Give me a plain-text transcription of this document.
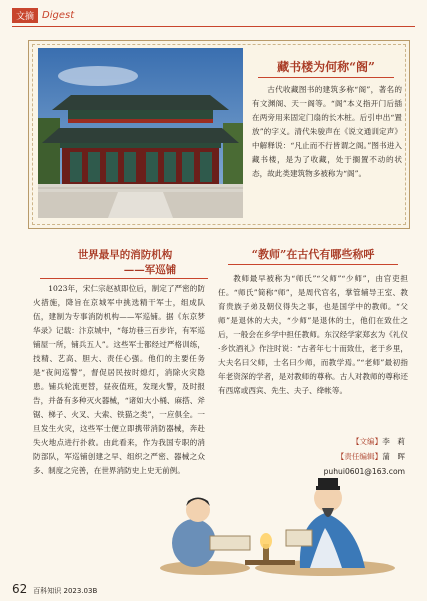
文摘 Digest
藏书楼为何称“阁”

古代收藏图书的建筑多称“阁”，著名的有文渊阁、天一阁等。“阁”本义指开门后插在两旁用来固定门扇的长木桩。后引申出“置放”的字义。清代朱骏声在《说文通训定声》中解释说：“凡止而不行皆谓之阁。”图书进入藏书楼，是为了收藏，处于搁置不动的状态，故此类建筑物多被称为“阁”。

世界最早的消防机构
——军巡铺

1023年，宋仁宗赵祯即位后，制定了严密的防火措施，降旨在京城军中挑选精干军士，组成队伍，建制为专事消防机构——军巡铺。据《东京梦华录》记载：汴京城中，“每坊巷三百步许，有军巡铺屋一所，铺兵五人”。这些军士都经过严格训练，技精、艺高、胆大、责任心强。他们的主要任务是“夜间巡警”，督促居民按时熄灯，消除火灾隐患。铺兵轮流更替，昼夜值班，发现火警，及时报告，并备有多种灭火器械，“诸如大小桶、麻搭、斧锯、梯子、火叉、大索、铁猫之类”，一应俱全。一旦发生火灾，这些军士便立即携带消防器械，奔赴失火地点进行扑救。由此看来，作为我国专职的消防部队，军巡铺创建之早、组织之严密、器械之众多、制度之完善，在世界消防史上史无前例。

“教师”在古代有哪些称呼

教师最早被称为“师氏”“父师”“少师”，由官吏担任。“师氏”简称“师”，是周代官名，掌管辅导王室、教育贵族子弟及朝仪得失之事，也是国学中的教师。“父师”是退休的大夫，“少师”是退休的士，他们在致仕之后，一般会在乡学中担任教师。东汉经学家郑玄为《礼仪·乡饮酒礼》作注时说：“古者年七十而致仕，老于乡里，大夫名曰父师，士名曰少师，而教学焉。”“老师”最初指年老资深的学者，是对教师的尊称。古人对教师的尊称还有西席或西宾、先生、夫子、绛帐等。

【文编】李　莉
【责任编辑】蒲　晖
puhui0601@163.com
62 百科知识 2023.03B
